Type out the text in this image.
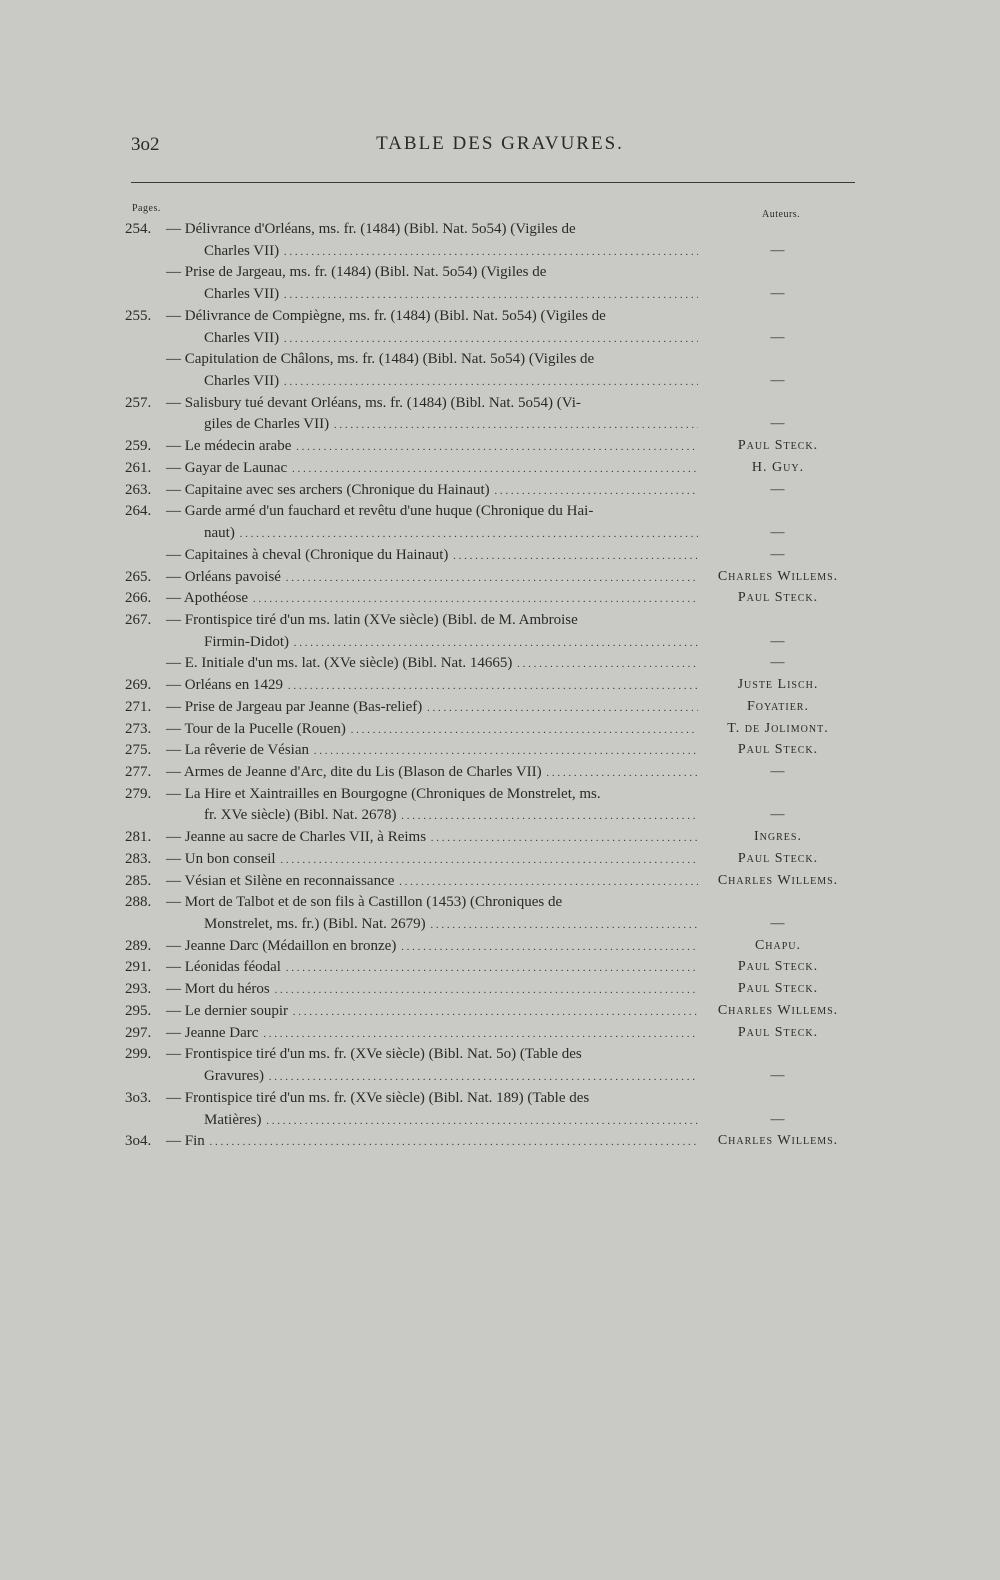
3o2	TABLE DES GRAVURES.
Pages.
Auteurs.
254. — Délivrance d'Orléans, ms. fr. (1484) (Bibl. Nat. 5o54) (Vigiles de
Charles VII) . . .	—
— Prise de Jargeau, ms. fr. (1484) (Bibl. Nat. 5o54) (Vigiles de
Charles VII) . . .	—
255. — Délivrance de Compiègne, ms. fr. (1484) (Bibl. Nat. 5o54) (Vigiles de
Charles VII) . . .	—
— Capitulation de Châlons, ms. fr. (1484) (Bibl. Nat. 5o54) (Vigiles de
Charles VII) . . .	—
257. — Salisbury tué devant Orléans, ms. fr. (1484) (Bibl. Nat. 5o54) (Vi-
giles de Charles VII) . . .	—
259. — Le médecin arabe . . .	Paul Steck.
261. — Gayar de Launac . . .	H. Guy.
263. — Capitaine avec ses archers (Chronique du Hainaut) . . .	—
264. — Garde armé d'un fauchard et revêtu d'une huque (Chronique du Hai-
naut) . . .	—
— Capitaines à cheval (Chronique du Hainaut) . . .	—
265. — Orléans pavoisé . . .	Charles Willems.
266. — Apothéose . . .	Paul Steck.
267. — Frontispice tiré d'un ms. latin (XVe siècle) (Bibl. de M. Ambroise
Firmin-Didot) . . .	—
— E. Initiale d'un ms. lat. (XVe siècle) (Bibl. Nat. 14665) . . .	—
269. — Orléans en 1429 . . .	Juste Lisch.
271. — Prise de Jargeau par Jeanne (Bas-relief) . . .	Foyatier.
273. — Tour de la Pucelle (Rouen) . . .	T. de Jolimont.
275. — La rêverie de Vésian . . .	Paul Steck.
277. — Armes de Jeanne d'Arc, dite du Lis (Blason de Charles VII) . . .	—
279. — La Hire et Xaintrailles en Bourgogne (Chroniques de Monstrelet, ms.
fr. XVe siècle) (Bibl. Nat. 2678) . . .	—
281. — Jeanne au sacre de Charles VII, à Reims . . .	Ingres.
283. — Un bon conseil . . .	Paul Steck.
285. — Vésian et Silène en reconnaissance . . .	Charles Willems.
288. — Mort de Talbot et de son fils à Castillon (1453) (Chroniques de
Monstrelet, ms. fr.) (Bibl. Nat. 2679) . . .	—
289. — Jeanne Darc (Médaillon en bronze) . . .	Chapu.
291. — Léonidas féodal . . .	Paul Steck.
293. — Mort du héros . . .	Paul Steck.
295. — Le dernier soupir . . .	Charles Willems.
297. — Jeanne Darc . . .	Paul Steck.
299. — Frontispice tiré d'un ms. fr. (XVe siècle) (Bibl. Nat. 5o) (Table des
Gravures) . . .	—
3o3. — Frontispice tiré d'un ms. fr. (XVe siècle) (Bibl. Nat. 189) (Table des
Matières) . . .	—
3o4. — Fin . . .	Charles Willems.
